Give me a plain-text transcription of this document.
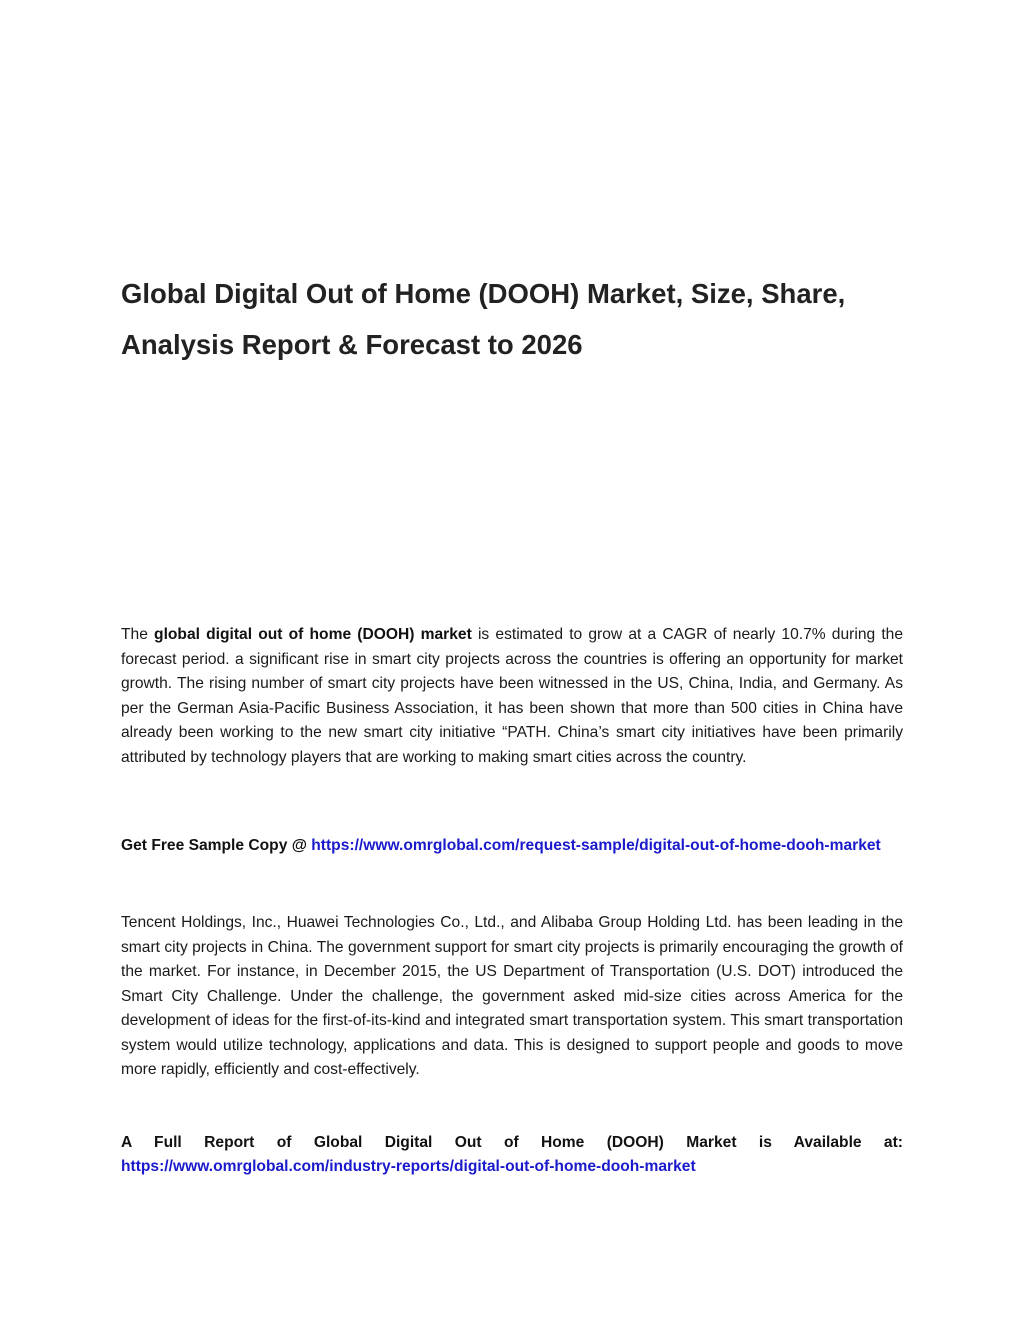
Global Digital Out of Home (DOOH) Market, Size, Share, Analysis Report & Forecast to 2026

The global digital out of home (DOOH) market is estimated to grow at a CAGR of nearly 10.7% during the forecast period. a significant rise in smart city projects across the countries is offering an opportunity for market growth. The rising number of smart city projects have been witnessed in the US, China, India, and Germany. As per the German Asia-Pacific Business Association, it has been shown that more than 500 cities in China have already been working to the new smart city initiative “PATH. China’s smart city initiatives have been primarily attributed by technology players that are working to making smart cities across the country.

Get Free Sample Copy @ https://www.omrglobal.com/request-sample/digital-out-of-home-dooh-market

Tencent Holdings, Inc., Huawei Technologies Co., Ltd., and Alibaba Group Holding Ltd. has been leading in the smart city projects in China. The government support for smart city projects is primarily encouraging the growth of the market. For instance, in December 2015, the US Department of Transportation (U.S. DOT) introduced the Smart City Challenge. Under the challenge, the government asked mid-size cities across America for the development of ideas for the first-of-its-kind and integrated smart transportation system. This smart transportation system would utilize technology, applications and data. This is designed to support people and goods to move more rapidly, efficiently and cost-effectively.

A Full Report of Global Digital Out of Home (DOOH) Market is Available at:

https://www.omrglobal.com/industry-reports/digital-out-of-home-dooh-market
